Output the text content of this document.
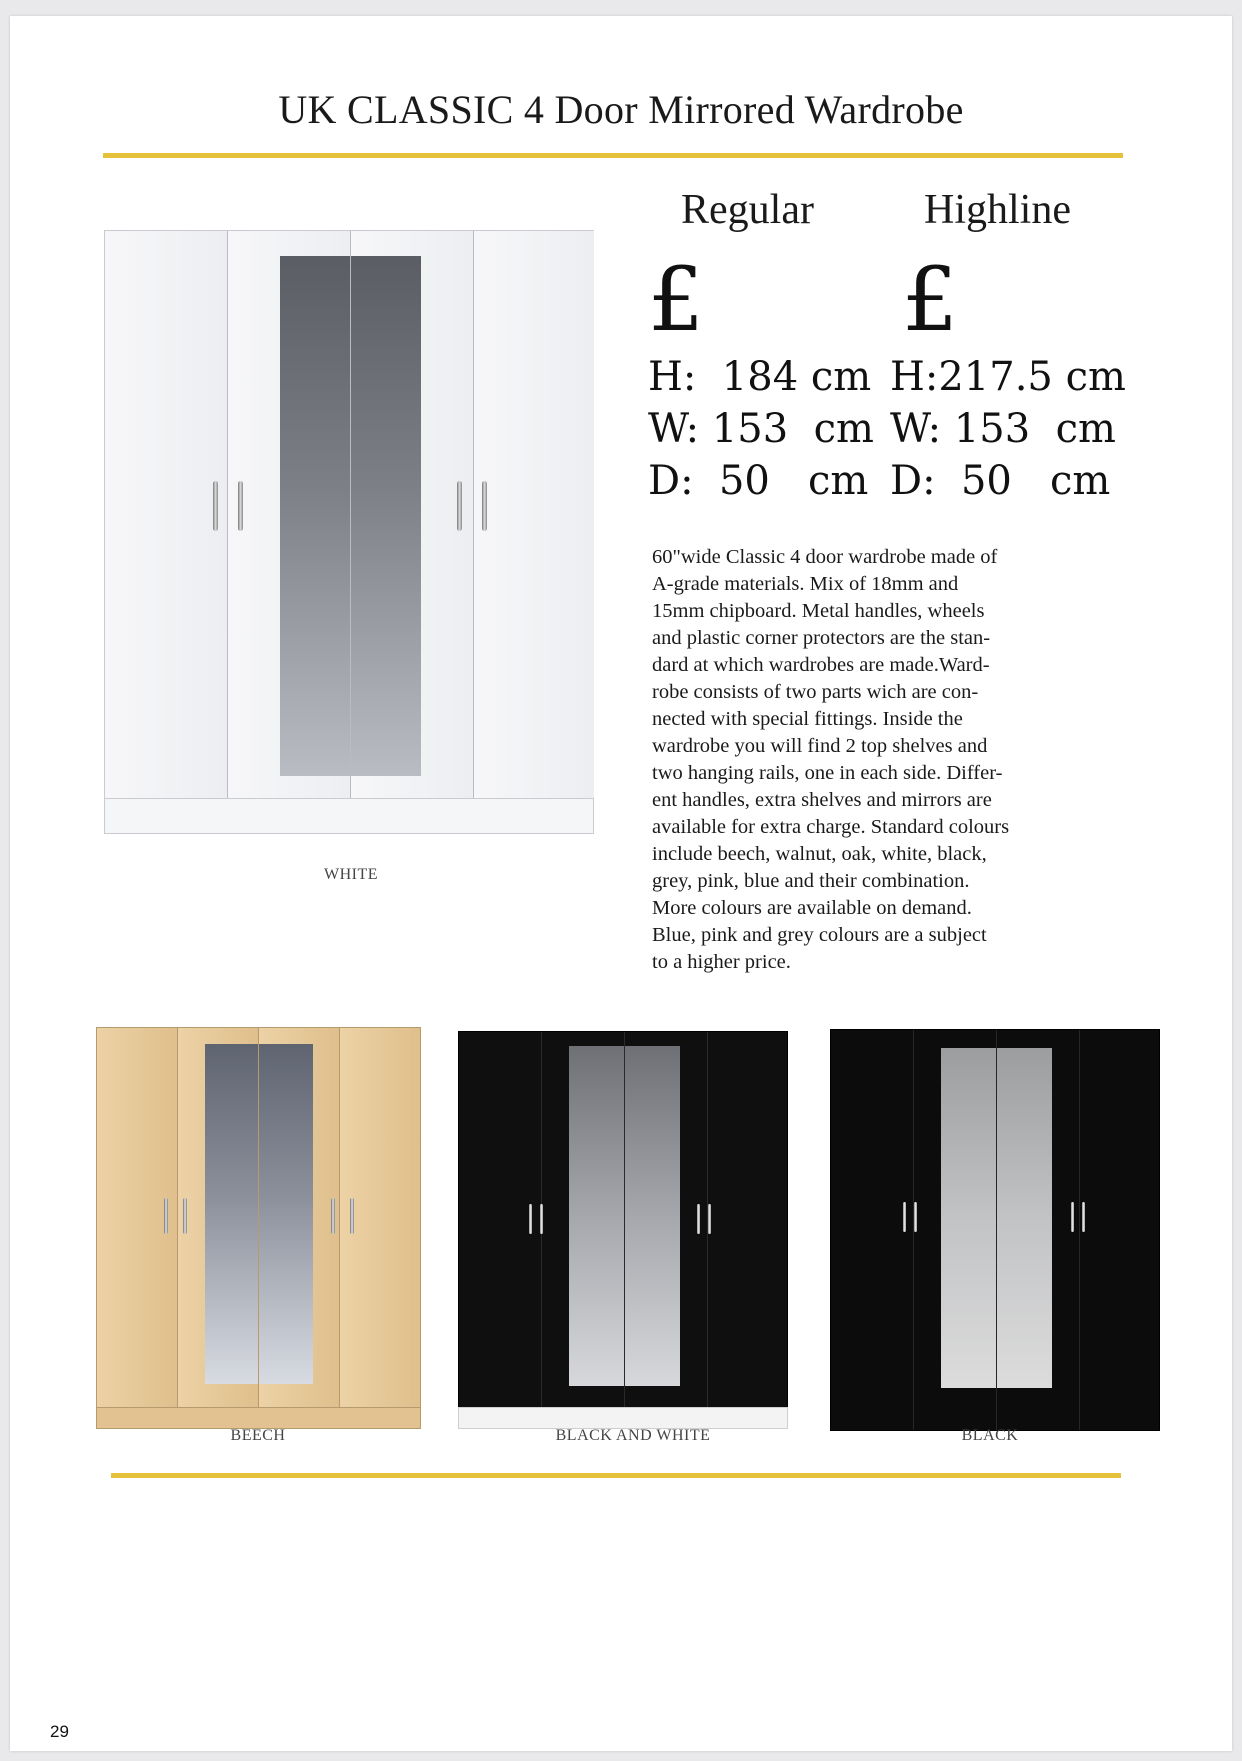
UK CLASSIC 4 Door Mirrored Wardrobe
WHITE
Regular	Highline
£ £
H:  184 cm H:217.5 cm
W: 153  cm W: 153  cm
D:  50   cm D:  50   cm
60"wide Classic 4 door wardrobe made of
A-grade materials. Mix of 18mm and
15mm chipboard. Metal handles, wheels
and plastic corner protectors are the stan-
dard at which wardrobes are made.Ward-
robe consists of two parts wich are con-
nected with special fittings. Inside the
wardrobe you will find 2 top shelves and
two hanging rails, one in each side. Differ-
ent handles, extra shelves and mirrors are
available for extra charge. Standard colours
include beech, walnut, oak, white, black,
grey, pink, blue and their combination.
More colours are available on demand.
Blue, pink and grey colours are a subject
to a higher price.
BEECH	BLACK AND WHITE	BLACK
29
